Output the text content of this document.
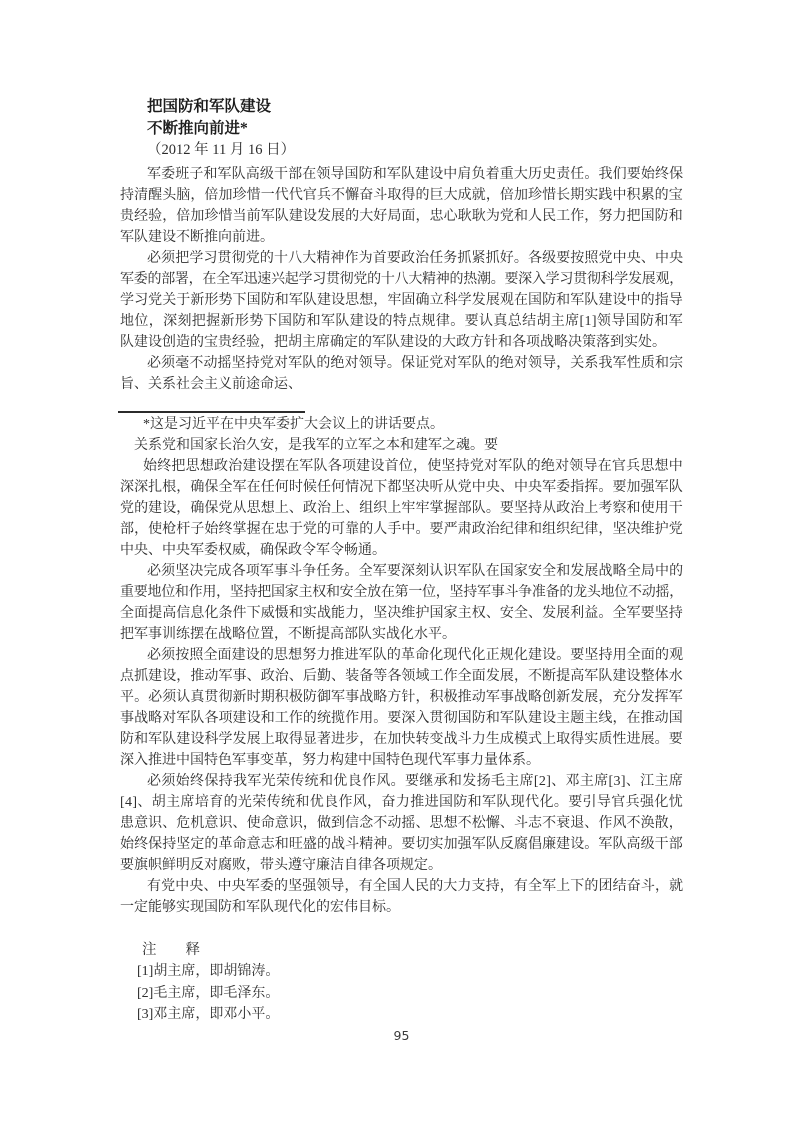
把国防和军队建设
不断推向前进*
（2012 年 11 月 16 日）
军委班子和军队高级干部在领导国防和军队建设中肩负着重大历史责任。我们要始终保
持清醒头脑，倍加珍惜一代代官兵不懈奋斗取得的巨大成就，倍加珍惜长期实践中积累的宝
贵经验，倍加珍惜当前军队建设发展的大好局面，忠心耿耿为党和人民工作，努力把国防和
军队建设不断推向前进。
必须把学习贯彻党的十八大精神作为首要政治任务抓紧抓好。各级要按照党中央、中央
军委的部署，在全军迅速兴起学习贯彻党的十八大精神的热潮。要深入学习贯彻科学发展观，
学习党关于新形势下国防和军队建设思想，牢固确立科学发展观在国防和军队建设中的指导
地位，深刻把握新形势下国防和军队建设的特点规律。要认真总结胡主席[1]领导国防和军
队建设创造的宝贵经验，把胡主席确定的军队建设的大政方针和各项战略决策落到实处。
必须毫不动摇坚持党对军队的绝对领导。保证党对军队的绝对领导，关系我军性质和宗
旨、关系社会主义前途命运、
*这是习近平在中央军委扩大会议上的讲话要点。
关系党和国家长治久安，是我军的立军之本和建军之魂。要
始终把思想政治建设摆在军队各项建设首位，使坚持党对军队的绝对领导在官兵思想中
深深扎根，确保全军在任何时候任何情况下都坚决听从党中央、中央军委指挥。要加强军队
党的建设，确保党从思想上、政治上、组织上牢牢掌握部队。要坚持从政治上考察和使用干
部，使枪杆子始终掌握在忠于党的可靠的人手中。要严肃政治纪律和组织纪律，坚决维护党
中央、中央军委权威，确保政令军令畅通。
必须坚决完成各项军事斗争任务。全军要深刻认识军队在国家安全和发展战略全局中的
重要地位和作用，坚持把国家主权和安全放在第一位，坚持军事斗争准备的龙头地位不动摇，
全面提高信息化条件下威慑和实战能力，坚决维护国家主权、安全、发展利益。全军要坚持
把军事训练摆在战略位置，不断提高部队实战化水平。
必须按照全面建设的思想努力推进军队的革命化现代化正规化建设。要坚持用全面的观
点抓建设，推动军事、政治、后勤、装备等各领域工作全面发展，不断提高军队建设整体水
平。必须认真贯彻新时期积极防御军事战略方针，积极推动军事战略创新发展，充分发挥军
事战略对军队各项建设和工作的统揽作用。要深入贯彻国防和军队建设主题主线，在推动国
防和军队建设科学发展上取得显著进步，在加快转变战斗力生成模式上取得实质性进展。要
深入推进中国特色军事变革，努力构建中国特色现代军事力量体系。
必须始终保持我军光荣传统和优良作风。要继承和发扬毛主席[2]、邓主席[3]、江主席
[4]、胡主席培育的光荣传统和优良作风，奋力推进国防和军队现代化。要引导官兵强化忧
患意识、危机意识、使命意识，做到信念不动摇、思想不松懈、斗志不衰退、作风不涣散，
始终保持坚定的革命意志和旺盛的战斗精神。要切实加强军队反腐倡廉建设。军队高级干部
要旗帜鲜明反对腐败，带头遵守廉洁自律各项规定。
有党中央、中央军委的坚强领导，有全国人民的大力支持，有全军上下的团结奋斗，就
一定能够实现国防和军队现代化的宏伟目标。
注　　释
[1]胡主席，即胡锦涛。
[2]毛主席，即毛泽东。
[3]邓主席，即邓小平。
95
